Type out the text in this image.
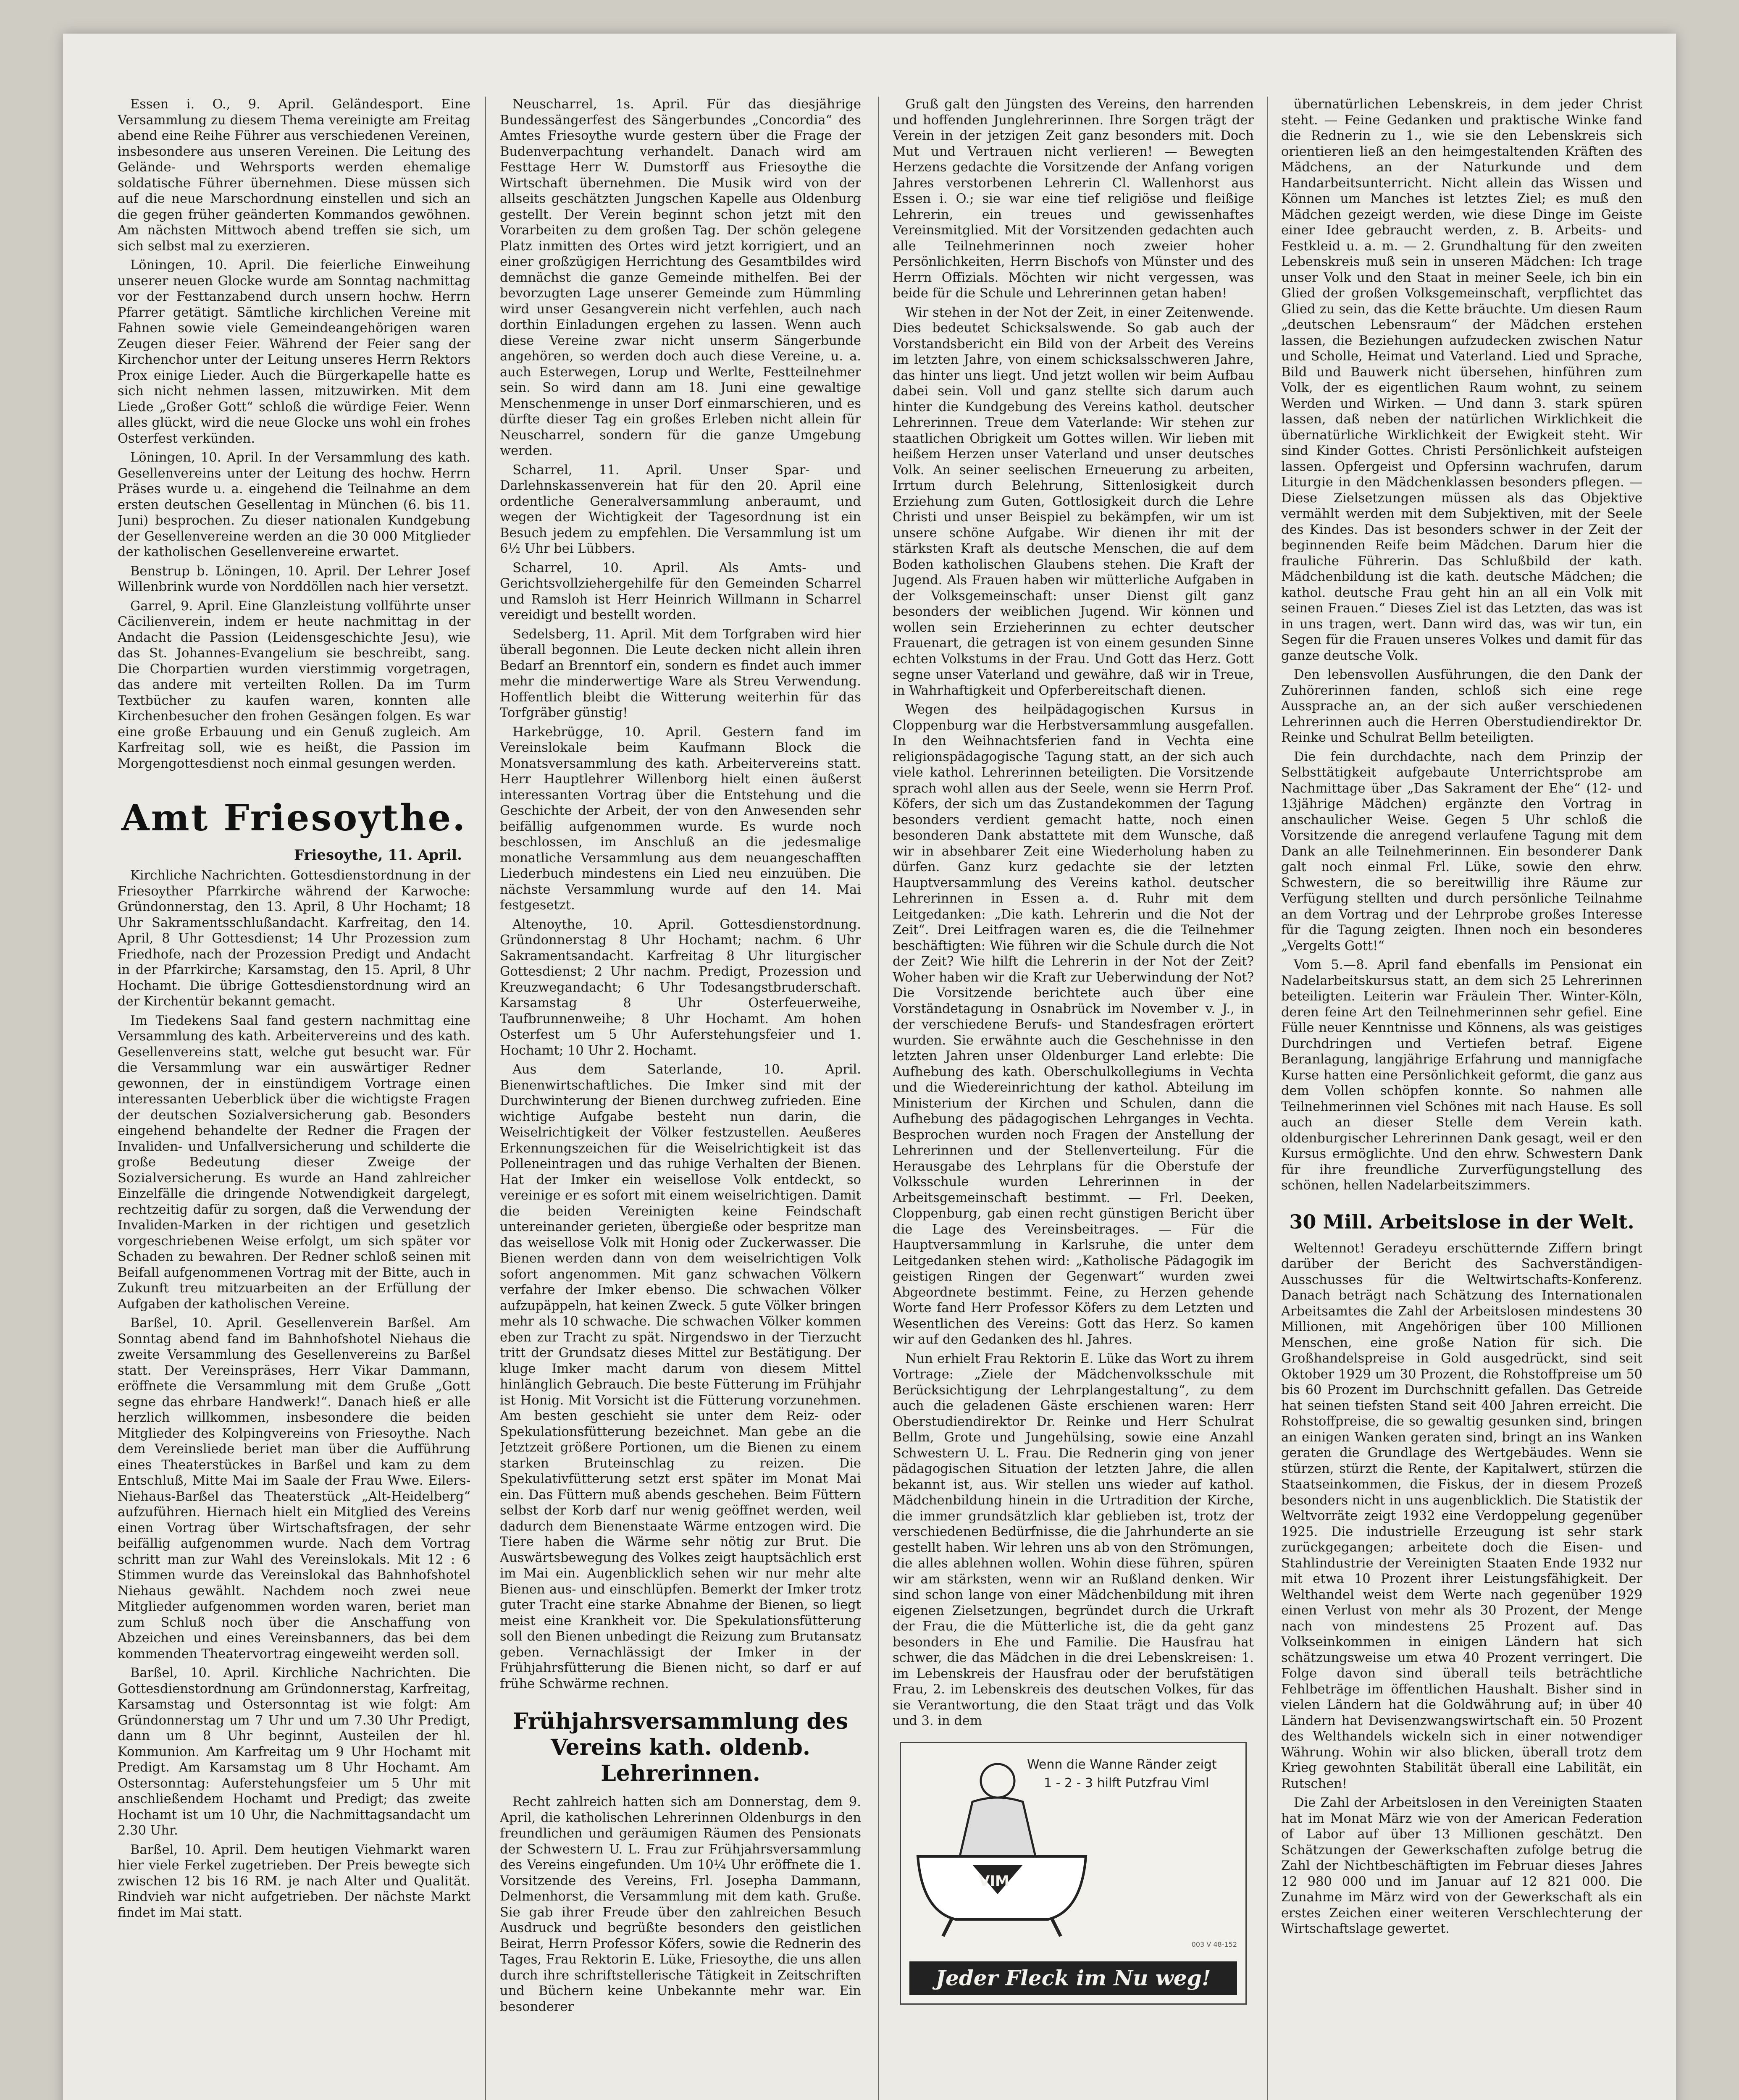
Essen i. O., 9. April. Geländesport. Eine Versammlung zu diesem Thema vereinigte am Freitag abend eine Reihe Führer aus verschiedenen Vereinen, insbesondere aus unseren Vereinen. Die Leitung des Gelände- und Wehrsports werden ehemalige soldatische Führer übernehmen. Diese müssen sich auf die neue Marschordnung einstellen und sich an die gegen früher geänderten Kommandos gewöhnen. Am nächsten Mittwoch abend treffen sie sich, um sich selbst mal zu exerzieren.

Löningen, 10. April. Die feierliche Einweihung unserer neuen Glocke wurde am Sonntag nachmittag vor der Festtanzabend durch unsern hochw. Herrn Pfarrer getätigt. Sämtliche kirchlichen Vereine mit Fahnen sowie viele Gemeindeangehörigen waren Zeugen dieser Feier. Während der Feier sang der Kirchenchor unter der Leitung unseres Herrn Rektors Prox einige Lieder. Auch die Bürgerkapelle hatte es sich nicht nehmen lassen, mitzuwirken. Mit dem Liede „Großer Gott“ schloß die würdige Feier. Wenn alles glückt, wird die neue Glocke uns wohl ein frohes Osterfest verkünden.

Löningen, 10. April. In der Versammlung des kath. Gesellenvereins unter der Leitung des hochw. Herrn Präses wurde u. a. eingehend die Teilnahme an dem ersten deutschen Gesellentag in München (6. bis 11. Juni) besprochen. Zu dieser nationalen Kundgebung der Gesellenvereine werden an die 30 000 Mitglieder der katholischen Gesellenvereine erwartet.

Benstrup b. Löningen, 10. April. Der Lehrer Josef Willenbrink wurde von Norddöllen nach hier versetzt.

Garrel, 9. April. Eine Glanzleistung vollführte unser Cäcilienverein, indem er heute nachmittag in der Andacht die Passion (Leidensgeschichte Jesu), wie das St. Johannes-Evangelium sie beschreibt, sang. Die Chorpartien wurden vierstimmig vorgetragen, das andere mit verteilten Rollen. Da im Turm Textbücher zu kaufen waren, konnten alle Kirchenbesucher den frohen Gesängen folgen. Es war eine große Erbauung und ein Genuß zugleich. Am Karfreitag soll, wie es heißt, die Passion im Morgengottesdienst noch einmal gesungen werden.

Amt Friesoythe.
Friesoythe, 11. April.

Kirchliche Nachrichten. Gottesdienstordnung in der Friesoyther Pfarrkirche während der Karwoche: Gründonnerstag, den 13. April, 8 Uhr Hochamt; 18 Uhr Sakramentsschlußandacht. Karfreitag, den 14. April, 8 Uhr Gottesdienst; 14 Uhr Prozession zum Friedhofe, nach der Prozession Predigt und Andacht in der Pfarrkirche; Karsamstag, den 15. April, 8 Uhr Hochamt. Die übrige Gottesdienstordnung wird an der Kirchentür bekannt gemacht.

Im Tiedekens Saal fand gestern nachmittag eine Versammlung des kath. Arbeitervereins und des kath. Gesellenvereins statt, welche gut besucht war. Für die Versammlung war ein auswärtiger Redner gewonnen, der in einstündigem Vortrage einen interessanten Ueberblick über die wichtigste Fragen der deutschen Sozialversicherung gab. Besonders eingehend behandelte der Redner die Fragen der Invaliden- und Unfallversicherung und schilderte die große Bedeutung dieser Zweige der Sozialversicherung. Es wurde an Hand zahlreicher Einzelfälle die dringende Notwendigkeit dargelegt, rechtzeitig dafür zu sorgen, daß die Verwendung der Invaliden-Marken in der richtigen und gesetzlich vorgeschriebenen Weise erfolgt, um sich später vor Schaden zu bewahren. Der Redner schloß seinen mit Beifall aufgenommenen Vortrag mit der Bitte, auch in Zukunft treu mitzuarbeiten an der Erfüllung der Aufgaben der katholischen Vereine.

Barßel, 10. April. Gesellenverein Barßel. Am Sonntag abend fand im Bahnhofshotel Niehaus die zweite Versammlung des Gesellenvereins zu Barßel statt. Der Vereinspräses, Herr Vikar Dammann, eröffnete die Versammlung mit dem Gruße „Gott segne das ehrbare Handwerk!“. Danach hieß er alle herzlich willkommen, insbesondere die beiden Mitglieder des Kolpingvereins von Friesoythe. Nach dem Vereinsliede beriet man über die Aufführung eines Theaterstückes in Barßel und kam zu dem Entschluß, Mitte Mai im Saale der Frau Wwe. Eilers-Niehaus-Barßel das Theaterstück „Alt-Heidelberg“ aufzuführen. Hiernach hielt ein Mitglied des Vereins einen Vortrag über Wirtschaftsfragen, der sehr beifällig aufgenommen wurde. Nach dem Vortrag schritt man zur Wahl des Vereinslokals. Mit 12 : 6 Stimmen wurde das Vereinslokal das Bahnhofshotel Niehaus gewählt. Nachdem noch zwei neue Mitglieder aufgenommen worden waren, beriet man zum Schluß noch über die Anschaffung von Abzeichen und eines Vereinsbanners, das bei dem kommenden Theatervortrag eingeweiht werden soll.

Barßel, 10. April. Kirchliche Nachrichten. Die Gottesdienstordnung am Gründonnerstag, Karfreitag, Karsamstag und Ostersonntag ist wie folgt: Am Gründonnerstag um 7 Uhr und um 7.30 Uhr Predigt, dann um 8 Uhr beginnt, Austeilen der hl. Kommunion. Am Karfreitag um 9 Uhr Hochamt mit Predigt. Am Karsamstag um 8 Uhr Hochamt. Am Ostersonntag: Auferstehungsfeier um 5 Uhr mit anschließendem Hochamt und Predigt; das zweite Hochamt ist um 10 Uhr, die Nachmittagsandacht um 2.30 Uhr.

Barßel, 10. April. Dem heutigen Viehmarkt waren hier viele Ferkel zugetrieben. Der Preis bewegte sich zwischen 12 bis 16 RM. je nach Alter und Qualität. Rindvieh war nicht aufgetrieben. Der nächste Markt findet im Mai statt.

Neuscharrel, 1s. April. Für das diesjährige Bundessängerfest des Sängerbundes „Concordia“ des Amtes Friesoythe wurde gestern über die Frage der Budenverpachtung verhandelt. Danach wird am Festtage Herr W. Dumstorff aus Friesoythe die Wirtschaft übernehmen. Die Musik wird von der allseits geschätzten Jungschen Kapelle aus Oldenburg gestellt. Der Verein beginnt schon jetzt mit den Vorarbeiten zu dem großen Tag. Der schön gelegene Platz inmitten des Ortes wird jetzt korrigiert, und an einer großzügigen Herrichtung des Gesamtbildes wird demnächst die ganze Gemeinde mithelfen. Bei der bevorzugten Lage unserer Gemeinde zum Hümmling wird unser Gesangverein nicht verfehlen, auch nach dorthin Einladungen ergehen zu lassen. Wenn auch diese Vereine zwar nicht unserm Sängerbunde angehören, so werden doch auch diese Vereine, u. a. auch Esterwegen, Lorup und Werlte, Festteilnehmer sein. So wird dann am 18. Juni eine gewaltige Menschenmenge in unser Dorf einmarschieren, und es dürfte dieser Tag ein großes Erleben nicht allein für Neuscharrel, sondern für die ganze Umgebung werden.

Scharrel, 11. April. Unser Spar- und Darlehnskassenverein hat für den 20. April eine ordentliche Generalversammlung anberaumt, und wegen der Wichtigkeit der Tagesordnung ist ein Besuch jedem zu empfehlen. Die Versammlung ist um 6½ Uhr bei Lübbers.

Scharrel, 10. April. Als Amts- und Gerichtsvollziehergehilfe für den Gemeinden Scharrel und Ramsloh ist Herr Heinrich Willmann in Scharrel vereidigt und bestellt worden.

Sedelsberg, 11. April. Mit dem Torfgraben wird hier überall begonnen. Die Leute decken nicht allein ihren Bedarf an Brenntorf ein, sondern es findet auch immer mehr die minderwertige Ware als Streu Verwendung. Hoffentlich bleibt die Witterung weiterhin für das Torfgräber günstig!

Harkebrügge, 10. April. Gestern fand im Vereinslokale beim Kaufmann Block die Monatsversammlung des kath. Arbeitervereins statt. Herr Hauptlehrer Willenborg hielt einen äußerst interessanten Vortrag über die Entstehung und die Geschichte der Arbeit, der von den Anwesenden sehr beifällig aufgenommen wurde. Es wurde noch beschlossen, im Anschluß an die jedesmalige monatliche Versammlung aus dem neuangeschafften Liederbuch mindestens ein Lied neu einzuüben. Die nächste Versammlung wurde auf den 14. Mai festgesetzt.

Altenoythe, 10. April. Gottesdienstordnung. Gründonnerstag 8 Uhr Hochamt; nachm. 6 Uhr Sakramentsandacht. Karfreitag 8 Uhr liturgischer Gottesdienst; 2 Uhr nachm. Predigt, Prozession und Kreuzwegandacht; 6 Uhr Todesangstbruderschaft. Karsamstag 8 Uhr Osterfeuerweihe, Taufbrunnenweihe; 8 Uhr Hochamt. Am hohen Osterfest um 5 Uhr Auferstehungsfeier und 1. Hochamt; 10 Uhr 2. Hochamt.

Aus dem Saterlande, 10. April. Bienenwirtschaftliches. Die Imker sind mit der Durchwinterung der Bienen durchweg zufrieden. Eine wichtige Aufgabe besteht nun darin, die Weiselrichtigkeit der Völker festzustellen. Aeußeres Erkennungszeichen für die Weiselrichtigkeit ist das Polleneintragen und das ruhige Verhalten der Bienen. Hat der Imker ein weisellose Volk entdeckt, so vereinige er es sofort mit einem weiselrichtigen. Damit die beiden Vereinigten keine Feindschaft untereinander gerieten, übergieße oder bespritze man das weisellose Volk mit Honig oder Zuckerwasser. Die Bienen werden dann von dem weiselrichtigen Volk sofort angenommen. Mit ganz schwachen Völkern verfahre der Imker ebenso. Die schwachen Völker aufzupäppeln, hat keinen Zweck. 5 gute Völker bringen mehr als 10 schwache. Die schwachen Völker kommen eben zur Tracht zu spät. Nirgendswo in der Tierzucht tritt der Grundsatz dieses Mittel zur Bestätigung. Der kluge Imker macht darum von diesem Mittel hinlänglich Gebrauch. Die beste Fütterung im Frühjahr ist Honig. Mit Vorsicht ist die Fütterung vorzunehmen. Am besten geschieht sie unter dem Reiz- oder Spekulationsfütterung bezeichnet. Man gebe an die Jetztzeit größere Portionen, um die Bienen zu einem starken Bruteinschlag zu reizen. Die Spekulativfütterung setzt erst später im Monat Mai ein. Das Füttern muß abends geschehen. Beim Füttern selbst der Korb darf nur wenig geöffnet werden, weil dadurch dem Bienenstaate Wärme entzogen wird. Die Tiere haben die Wärme sehr nötig zur Brut. Die Auswärtsbewegung des Volkes zeigt hauptsächlich erst im Mai ein. Augenblicklich sehen wir nur mehr alte Bienen aus- und einschlüpfen. Bemerkt der Imker trotz guter Tracht eine starke Abnahme der Bienen, so liegt meist eine Krankheit vor. Die Spekulationsfütterung soll den Bienen unbedingt die Reizung zum Brutansatz geben. Vernachlässigt der Imker in der Frühjahrsfütterung die Bienen nicht, so darf er auf frühe Schwärme rechnen.

Frühjahrsversammlung des Vereins kath. oldenb. Lehrerinnen.

Recht zahlreich hatten sich am Donnerstag, dem 9. April, die katholischen Lehrerinnen Oldenburgs in den freundlichen und geräumigen Räumen des Pensionats der Schwestern U. L. Frau zur Frühjahrsversammlung des Vereins eingefunden. Um 10¼ Uhr eröffnete die 1. Vorsitzende des Vereins, Frl. Josepha Dammann, Delmenhorst, die Versammlung mit dem kath. Gruße. Sie gab ihrer Freude über den zahlreichen Besuch Ausdruck und begrüßte besonders den geistlichen Beirat, Herrn Professor Köfers, sowie die Rednerin des Tages, Frau Rektorin E. Lüke, Friesoythe, die uns allen durch ihre schriftstellerische Tätigkeit in Zeitschriften und Büchern keine Unbekannte mehr war. Ein besonderer

Gruß galt den Jüngsten des Vereins, den harrenden und hoffenden Junglehrerinnen. Ihre Sorgen trägt der Verein in der jetzigen Zeit ganz besonders mit. Doch Mut und Vertrauen nicht verlieren! — Bewegten Herzens gedachte die Vorsitzende der Anfang vorigen Jahres verstorbenen Lehrerin Cl. Wallenhorst aus Essen i. O.; sie war eine tief religiöse und fleißige Lehrerin, ein treues und gewissenhaftes Vereinsmitglied. Mit der Vorsitzenden gedachten auch alle Teilnehmerinnen noch zweier hoher Persönlichkeiten, Herrn Bischofs von Münster und des Herrn Offizials. Möchten wir nicht vergessen, was beide für die Schule und Lehrerinnen getan haben!

Wir stehen in der Not der Zeit, in einer Zeitenwende. Dies bedeutet Schicksalswende. So gab auch der Vorstandsbericht ein Bild von der Arbeit des Vereins im letzten Jahre, von einem schicksalsschweren Jahre, das hinter uns liegt. Und jetzt wollen wir beim Aufbau dabei sein. Voll und ganz stellte sich darum auch hinter die Kundgebung des Vereins kathol. deutscher Lehrerinnen. Treue dem Vaterlande: Wir stehen zur staatlichen Obrigkeit um Gottes willen. Wir lieben mit heißem Herzen unser Vaterland und unser deutsches Volk. An seiner seelischen Erneuerung zu arbeiten, Irrtum durch Belehrung, Sittenlosigkeit durch Erziehung zum Guten, Gottlosigkeit durch die Lehre Christi und unser Beispiel zu bekämpfen, wir um ist unsere schöne Aufgabe. Wir dienen ihr mit der stärksten Kraft als deutsche Menschen, die auf dem Boden katholischen Glaubens stehen. Die Kraft der Jugend. Als Frauen haben wir mütterliche Aufgaben in der Volksgemeinschaft: unser Dienst gilt ganz besonders der weiblichen Jugend. Wir können und wollen sein Erzieherinnen zu echter deutscher Frauenart, die getragen ist von einem gesunden Sinne echten Volkstums in der Frau. Und Gott das Herz. Gott segne unser Vaterland und gewähre, daß wir in Treue, in Wahrhaftigkeit und Opferbereitschaft dienen.

Wegen des heilpädagogischen Kursus in Cloppenburg war die Herbstversammlung ausgefallen. In den Weihnachtsferien fand in Vechta eine religionspädagogische Tagung statt, an der sich auch viele kathol. Lehrerinnen beteiligten. Die Vorsitzende sprach wohl allen aus der Seele, wenn sie Herrn Prof. Köfers, der sich um das Zustandekommen der Tagung besonders verdient gemacht hatte, noch einen besonderen Dank abstattete mit dem Wunsche, daß wir in absehbarer Zeit eine Wiederholung haben zu dürfen. Ganz kurz gedachte sie der letzten Hauptversammlung des Vereins kathol. deutscher Lehrerinnen in Essen a. d. Ruhr mit dem Leitgedanken: „Die kath. Lehrerin und die Not der Zeit“. Drei Leitfragen waren es, die die Teilnehmer beschäftigten: Wie führen wir die Schule durch die Not der Zeit? Wie hilft die Lehrerin in der Not der Zeit? Woher haben wir die Kraft zur Ueberwindung der Not? Die Vorsitzende berichtete auch über eine Vorständetagung in Osnabrück im November v. J., in der verschiedene Berufs- und Standesfragen erörtert wurden. Sie erwähnte auch die Geschehnisse in den letzten Jahren unser Oldenburger Land erlebte: Die Aufhebung des kath. Oberschulkollegiums in Vechta und die Wiedereinrichtung der kathol. Abteilung im Ministerium der Kirchen und Schulen, dann die Aufhebung des pädagogischen Lehrganges in Vechta. Besprochen wurden noch Fragen der Anstellung der Lehrerinnen und der Stellenverteilung. Für die Herausgabe des Lehrplans für die Oberstufe der Volksschule wurden Lehrerinnen in der Arbeitsgemeinschaft bestimmt. — Frl. Deeken, Cloppenburg, gab einen recht günstigen Bericht über die Lage des Vereinsbeitrages. — Für die Hauptversammlung in Karlsruhe, die unter dem Leitgedanken stehen wird: „Katholische Pädagogik im geistigen Ringen der Gegenwart“ wurden zwei Abgeordnete bestimmt. Feine, zu Herzen gehende Worte fand Herr Professor Köfers zu dem Letzten und Wesentlichen des Vereins: Gott das Herz. So kamen wir auf den Gedanken des hl. Jahres.

Nun erhielt Frau Rektorin E. Lüke das Wort zu ihrem Vortrage: „Ziele der Mädchenvolksschule mit Berücksichtigung der Lehrplangestaltung“, zu dem auch die geladenen Gäste erschienen waren: Herr Oberstudiendirektor Dr. Reinke und Herr Schulrat Bellm, Grote und Jungehülsing, sowie eine Anzahl Schwestern U. L. Frau. Die Rednerin ging von jener pädagogischen Situation der letzten Jahre, die allen bekannt ist, aus. Wir stellen uns wieder auf kathol. Mädchenbildung hinein in die Urtradition der Kirche, die immer grundsätzlich klar geblieben ist, trotz der verschiedenen Bedürfnisse, die die Jahrhunderte an sie gestellt haben. Wir lehren uns ab von den Strömungen, die alles ablehnen wollen. Wohin diese führen, spüren wir am stärksten, wenn wir an Rußland denken. Wir sind schon lange von einer Mädchenbildung mit ihren eigenen Zielsetzungen, begründet durch die Urkraft der Frau, die die Mütterliche ist, die da geht ganz besonders in Ehe und Familie. Die Hausfrau hat schwer, die das Mädchen in die drei Lebenskreisen: 1. im Lebenskreis der Hausfrau oder der berufstätigen Frau, 2. im Lebenskreis des deutschen Volkes, für das sie Verantwortung, die den Staat trägt und das Volk und 3. in dem

VIM
Wenn die Wanne Ränder zeigt
1 - 2 - 3 hilft Putzfrau Viml
003 V 48-152
Jeder Fleck im Nu weg!

übernatürlichen Lebenskreis, in dem jeder Christ steht. — Feine Gedanken und praktische Winke fand die Rednerin zu 1., wie sie den Lebenskreis sich orientieren ließ an den heimgestaltenden Kräften des Mädchens, an der Naturkunde und dem Handarbeitsunterricht. Nicht allein das Wissen und Können um Manches ist letztes Ziel; es muß den Mädchen gezeigt werden, wie diese Dinge im Geiste einer Idee gebraucht werden, z. B. Arbeits- und Festkleid u. a. m. — 2. Grundhaltung für den zweiten Lebenskreis muß sein in unseren Mädchen: Ich trage unser Volk und den Staat in meiner Seele, ich bin ein Glied der großen Volksgemeinschaft, verpflichtet das Glied zu sein, das die Kette bräuchte. Um diesen Raum „deutschen Lebensraum“ der Mädchen erstehen lassen, die Beziehungen aufzudecken zwischen Natur und Scholle, Heimat und Vaterland. Lied und Sprache, Bild und Bauwerk nicht übersehen, hinführen zum Volk, der es eigentlichen Raum wohnt, zu seinem Werden und Wirken. — Und dann 3. stark spüren lassen, daß neben der natürlichen Wirklichkeit die übernatürliche Wirklichkeit der Ewigkeit steht. Wir sind Kinder Gottes. Christi Persönlichkeit aufsteigen lassen. Opfergeist und Opfersinn wachrufen, darum Liturgie in den Mädchenklassen besonders pflegen. — Diese Zielsetzungen müssen als das Objektive vermählt werden mit dem Subjektiven, mit der Seele des Kindes. Das ist besonders schwer in der Zeit der beginnenden Reife beim Mädchen. Darum hier die frauliche Führerin. Das Schlußbild der kath. Mädchenbildung ist die kath. deutsche Mädchen; die kathol. deutsche Frau geht hin an all ein Volk mit seinen Frauen.“ Dieses Ziel ist das Letzten, das was ist in uns tragen, wert. Dann wird das, was wir tun, ein Segen für die Frauen unseres Volkes und damit für das ganze deutsche Volk.

Den lebensvollen Ausführungen, die den Dank der Zuhörerinnen fanden, schloß sich eine rege Aussprache an, an der sich außer verschiedenen Lehrerinnen auch die Herren Oberstudiendirektor Dr. Reinke und Schulrat Bellm beteiligten.

Die fein durchdachte, nach dem Prinzip der Selbsttätigkeit aufgebaute Unterrichtsprobe am Nachmittage über „Das Sakrament der Ehe“ (12- und 13jährige Mädchen) ergänzte den Vortrag in anschaulicher Weise. Gegen 5 Uhr schloß die Vorsitzende die anregend verlaufene Tagung mit dem Dank an alle Teilnehmerinnen. Ein besonderer Dank galt noch einmal Frl. Lüke, sowie den ehrw. Schwestern, die so bereitwillig ihre Räume zur Verfügung stellten und durch persönliche Teilnahme an dem Vortrag und der Lehrprobe großes Interesse für die Tagung zeigten. Ihnen noch ein besonderes „Vergelts Gott!“

Vom 5.—8. April fand ebenfalls im Pensionat ein Nadelarbeitskursus statt, an dem sich 25 Lehrerinnen beteiligten. Leiterin war Fräulein Ther. Winter-Köln, deren feine Art den Teilnehmerinnen sehr gefiel. Eine Fülle neuer Kenntnisse und Könnens, als was geistiges Durchdringen und Vertiefen betraf. Eigene Beranlagung, langjährige Erfahrung und mannigfache Kurse hatten eine Persönlichkeit geformt, die ganz aus dem Vollen schöpfen konnte. So nahmen alle Teilnehmerinnen viel Schönes mit nach Hause. Es soll auch an dieser Stelle dem Verein kath. oldenburgischer Lehrerinnen Dank gesagt, weil er den Kursus ermöglichte. Und den ehrw. Schwestern Dank für ihre freundliche Zurverfügungstellung des schönen, hellen Nadelarbeitszimmers.

30 Mill. Arbeitslose in der Welt.

Weltennot! Geradeyu erschütternde Ziffern bringt darüber der Bericht des Sachverständigen-Ausschusses für die Weltwirtschafts-Konferenz. Danach beträgt nach Schätzung des Internationalen Arbeitsamtes die Zahl der Arbeitslosen mindestens 30 Millionen, mit Angehörigen über 100 Millionen Menschen, eine große Nation für sich. Die Großhandelspreise in Gold ausgedrückt, sind seit Oktober 1929 um 30 Prozent, die Rohstoffpreise um 50 bis 60 Prozent im Durchschnitt gefallen. Das Getreide hat seinen tiefsten Stand seit 400 Jahren erreicht. Die Rohstoffpreise, die so gewaltig gesunken sind, bringen an einigen Wanken geraten sind, bringt an ins Wanken geraten die Grundlage des Wertgebäudes. Wenn sie stürzen, stürzt die Rente, der Kapitalwert, stürzen die Staatseinkommen, die Fiskus, der in diesem Prozeß besonders nicht in uns augenblicklich. Die Statistik der Weltvorräte zeigt 1932 eine Verdoppelung gegenüber 1925. Die industrielle Erzeugung ist sehr stark zurückgegangen; arbeitete doch die Eisen- und Stahlindustrie der Vereinigten Staaten Ende 1932 nur mit etwa 10 Prozent ihrer Leistungsfähigkeit. Der Welthandel weist dem Werte nach gegenüber 1929 einen Verlust von mehr als 30 Prozent, der Menge nach von mindestens 25 Prozent auf. Das Volkseinkommen in einigen Ländern hat sich schätzungsweise um etwa 40 Prozent verringert. Die Folge davon sind überall teils beträchtliche Fehlbeträge im öffentlichen Haushalt. Bisher sind in vielen Ländern hat die Goldwährung auf; in über 40 Ländern hat Devisenzwangswirtschaft ein. 50 Prozent des Welthandels wickeln sich in einer notwendiger Währung. Wohin wir also blicken, überall trotz dem Krieg gewohnten Stabilität überall eine Labilität, ein Rutschen!

Die Zahl der Arbeitslosen in den Vereinigten Staaten hat im Monat März wie von der American Federation of Labor auf über 13 Millionen geschätzt. Den Schätzungen der Gewerkschaften zufolge betrug die Zahl der Nichtbeschäftigten im Februar dieses Jahres 12 980 000 und im Januar auf 12 821 000. Die Zunahme im März wird von der Gewerkschaft als ein erstes Zeichen einer weiteren Verschlechterung der Wirtschaftslage gewertet.
